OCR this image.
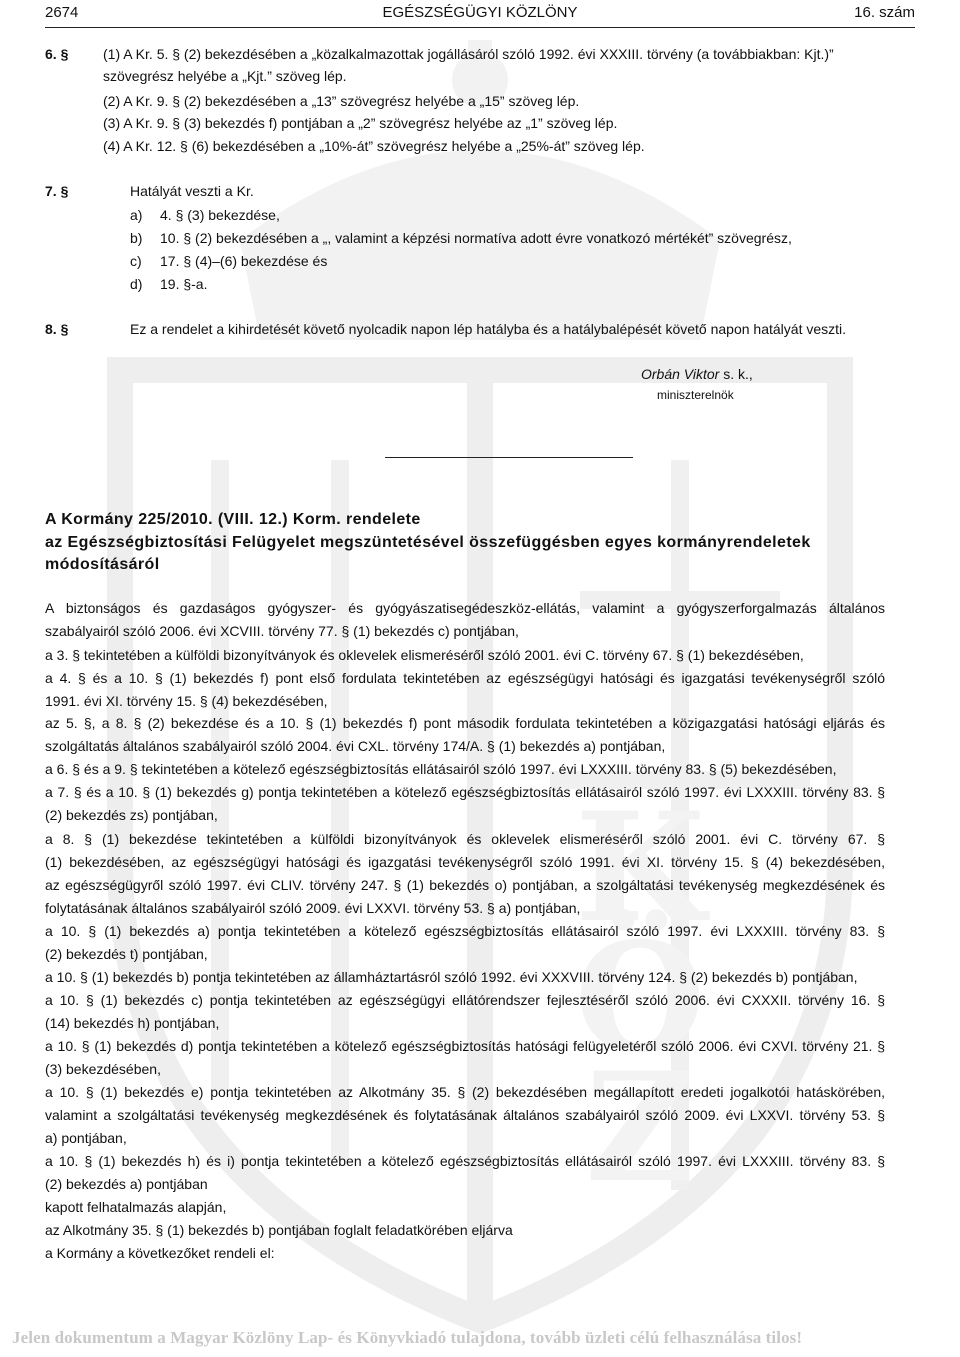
K
Ö
Z
2674	EGÉSZSÉGÜGYI KÖZLÖNY	16. szám
6. § (1) A Kr. 5. § (2) bekezdésében a „közalkalmazottak jogállásáról szóló 1992. évi XXXIII. törvény (a továbbiakban: Kjt.)”
szövegrész helyébe a „Kjt.” szöveg lép.
(2) A Kr. 9. § (2) bekezdésében a „13” szövegrész helyébe a „15” szöveg lép.
(3) A Kr. 9. § (3) bekezdés f) pontjában a „2” szövegrész helyébe az „1” szöveg lép.
(4) A Kr. 12. § (6) bekezdésében a „10%-át” szövegrész helyébe a „25%-át” szöveg lép.
7. §	Hatályát veszti a Kr.
a) 4. § (3) bekezdése,
b) 10. § (2) bekezdésében a „, valamint a képzési normatíva adott évre vonatkozó mértékét” szövegrész,
c) 17. § (4)–(6) bekezdése és
d) 19. §-a.
8. §	Ez a rendelet a kihirdetését követő nyolcadik napon lép hatályba és a hatálybalépését követő napon hatályát veszti.
Orbán Viktor s. k.,
miniszterelnök
A Kormány 225/2010. (VIII. 12.) Korm. rendelete
az Egészségbiztosítási Felügyelet megszüntetésével összefüggésben egyes kormányrendeletek
módosításáról
A biztonságos és gazdaságos gyógyszer- és gyógyászatisegédeszköz-ellátás, valamint a gyógyszerforgalmazás általános
szabályairól szóló 2006. évi XCVIII. törvény 77. § (1) bekezdés c) pontjában,
a 3. § tekintetében a külföldi bizonyítványok és oklevelek elismeréséről szóló 2001. évi C. törvény 67. § (1) bekezdésében,
a 4. § és a 10. § (1) bekezdés f) pont első fordulata tekintetében az egészségügyi hatósági és igazgatási tevékenységről szóló
1991. évi XI. törvény 15. § (4) bekezdésében,
az 5. §, a 8. § (2) bekezdése és a 10. § (1) bekezdés f) pont második fordulata tekintetében a közigazgatási hatósági eljárás és
szolgáltatás általános szabályairól szóló 2004. évi CXL. törvény 174/A. § (1) bekezdés a) pontjában,
a 6. § és a 9. § tekintetében a kötelező egészségbiztosítás ellátásairól szóló 1997. évi LXXXIII. törvény 83. § (5) bekezdésében,
a 7. § és a 10. § (1) bekezdés g) pontja tekintetében a kötelező egészségbiztosítás ellátásairól szóló 1997. évi LXXXIII. törvény 83. §
(2) bekezdés zs) pontjában,
a 8. § (1) bekezdése tekintetében a külföldi bizonyítványok és oklevelek elismeréséről szóló 2001. évi C. törvény 67. §
(1) bekezdésében, az egészségügyi hatósági és igazgatási tevékenységről szóló 1991. évi XI. törvény 15. § (4) bekezdésében,
az egészségügyről szóló 1997. évi CLIV. törvény 247. § (1) bekezdés o) pontjában, a szolgáltatási tevékenység megkezdésének és
folytatásának általános szabályairól szóló 2009. évi LXXVI. törvény 53. § a) pontjában,
a 10. § (1) bekezdés a) pontja tekintetében a kötelező egészségbiztosítás ellátásairól szóló 1997. évi LXXXIII. törvény 83. §
(2) bekezdés t) pontjában,
a 10. § (1) bekezdés b) pontja tekintetében az államháztartásról szóló 1992. évi XXXVIII. törvény 124. § (2) bekezdés b) pontjában,
a 10. § (1) bekezdés c) pontja tekintetében az egészségügyi ellátórendszer fejlesztéséről szóló 2006. évi CXXXII. törvény 16. §
(14) bekezdés h) pontjában,
a 10. § (1) bekezdés d) pontja tekintetében a kötelező egészségbiztosítás hatósági felügyeletéről szóló 2006. évi CXVI. törvény 21. §
(3) bekezdésében,
a 10. § (1) bekezdés e) pontja tekintetében az Alkotmány 35. § (2) bekezdésében megállapított eredeti jogalkotói hatáskörében,
valamint a szolgáltatási tevékenység megkezdésének és folytatásának általános szabályairól szóló 2009. évi LXXVI. törvény 53. §
a) pontjában,
a 10. § (1) bekezdés h) és i) pontja tekintetében a kötelező egészségbiztosítás ellátásairól szóló 1997. évi LXXXIII. törvény 83. §
(2) bekezdés a) pontjában
kapott felhatalmazás alapján,
az Alkotmány 35. § (1) bekezdés b) pontjában foglalt feladatkörében eljárva
a Kormány a következőket rendeli el:
Jelen dokumentum a Magyar Közlöny Lap- és Könyvkiadó tulajdona, tovább üzleti célú felhasználása tilos!
